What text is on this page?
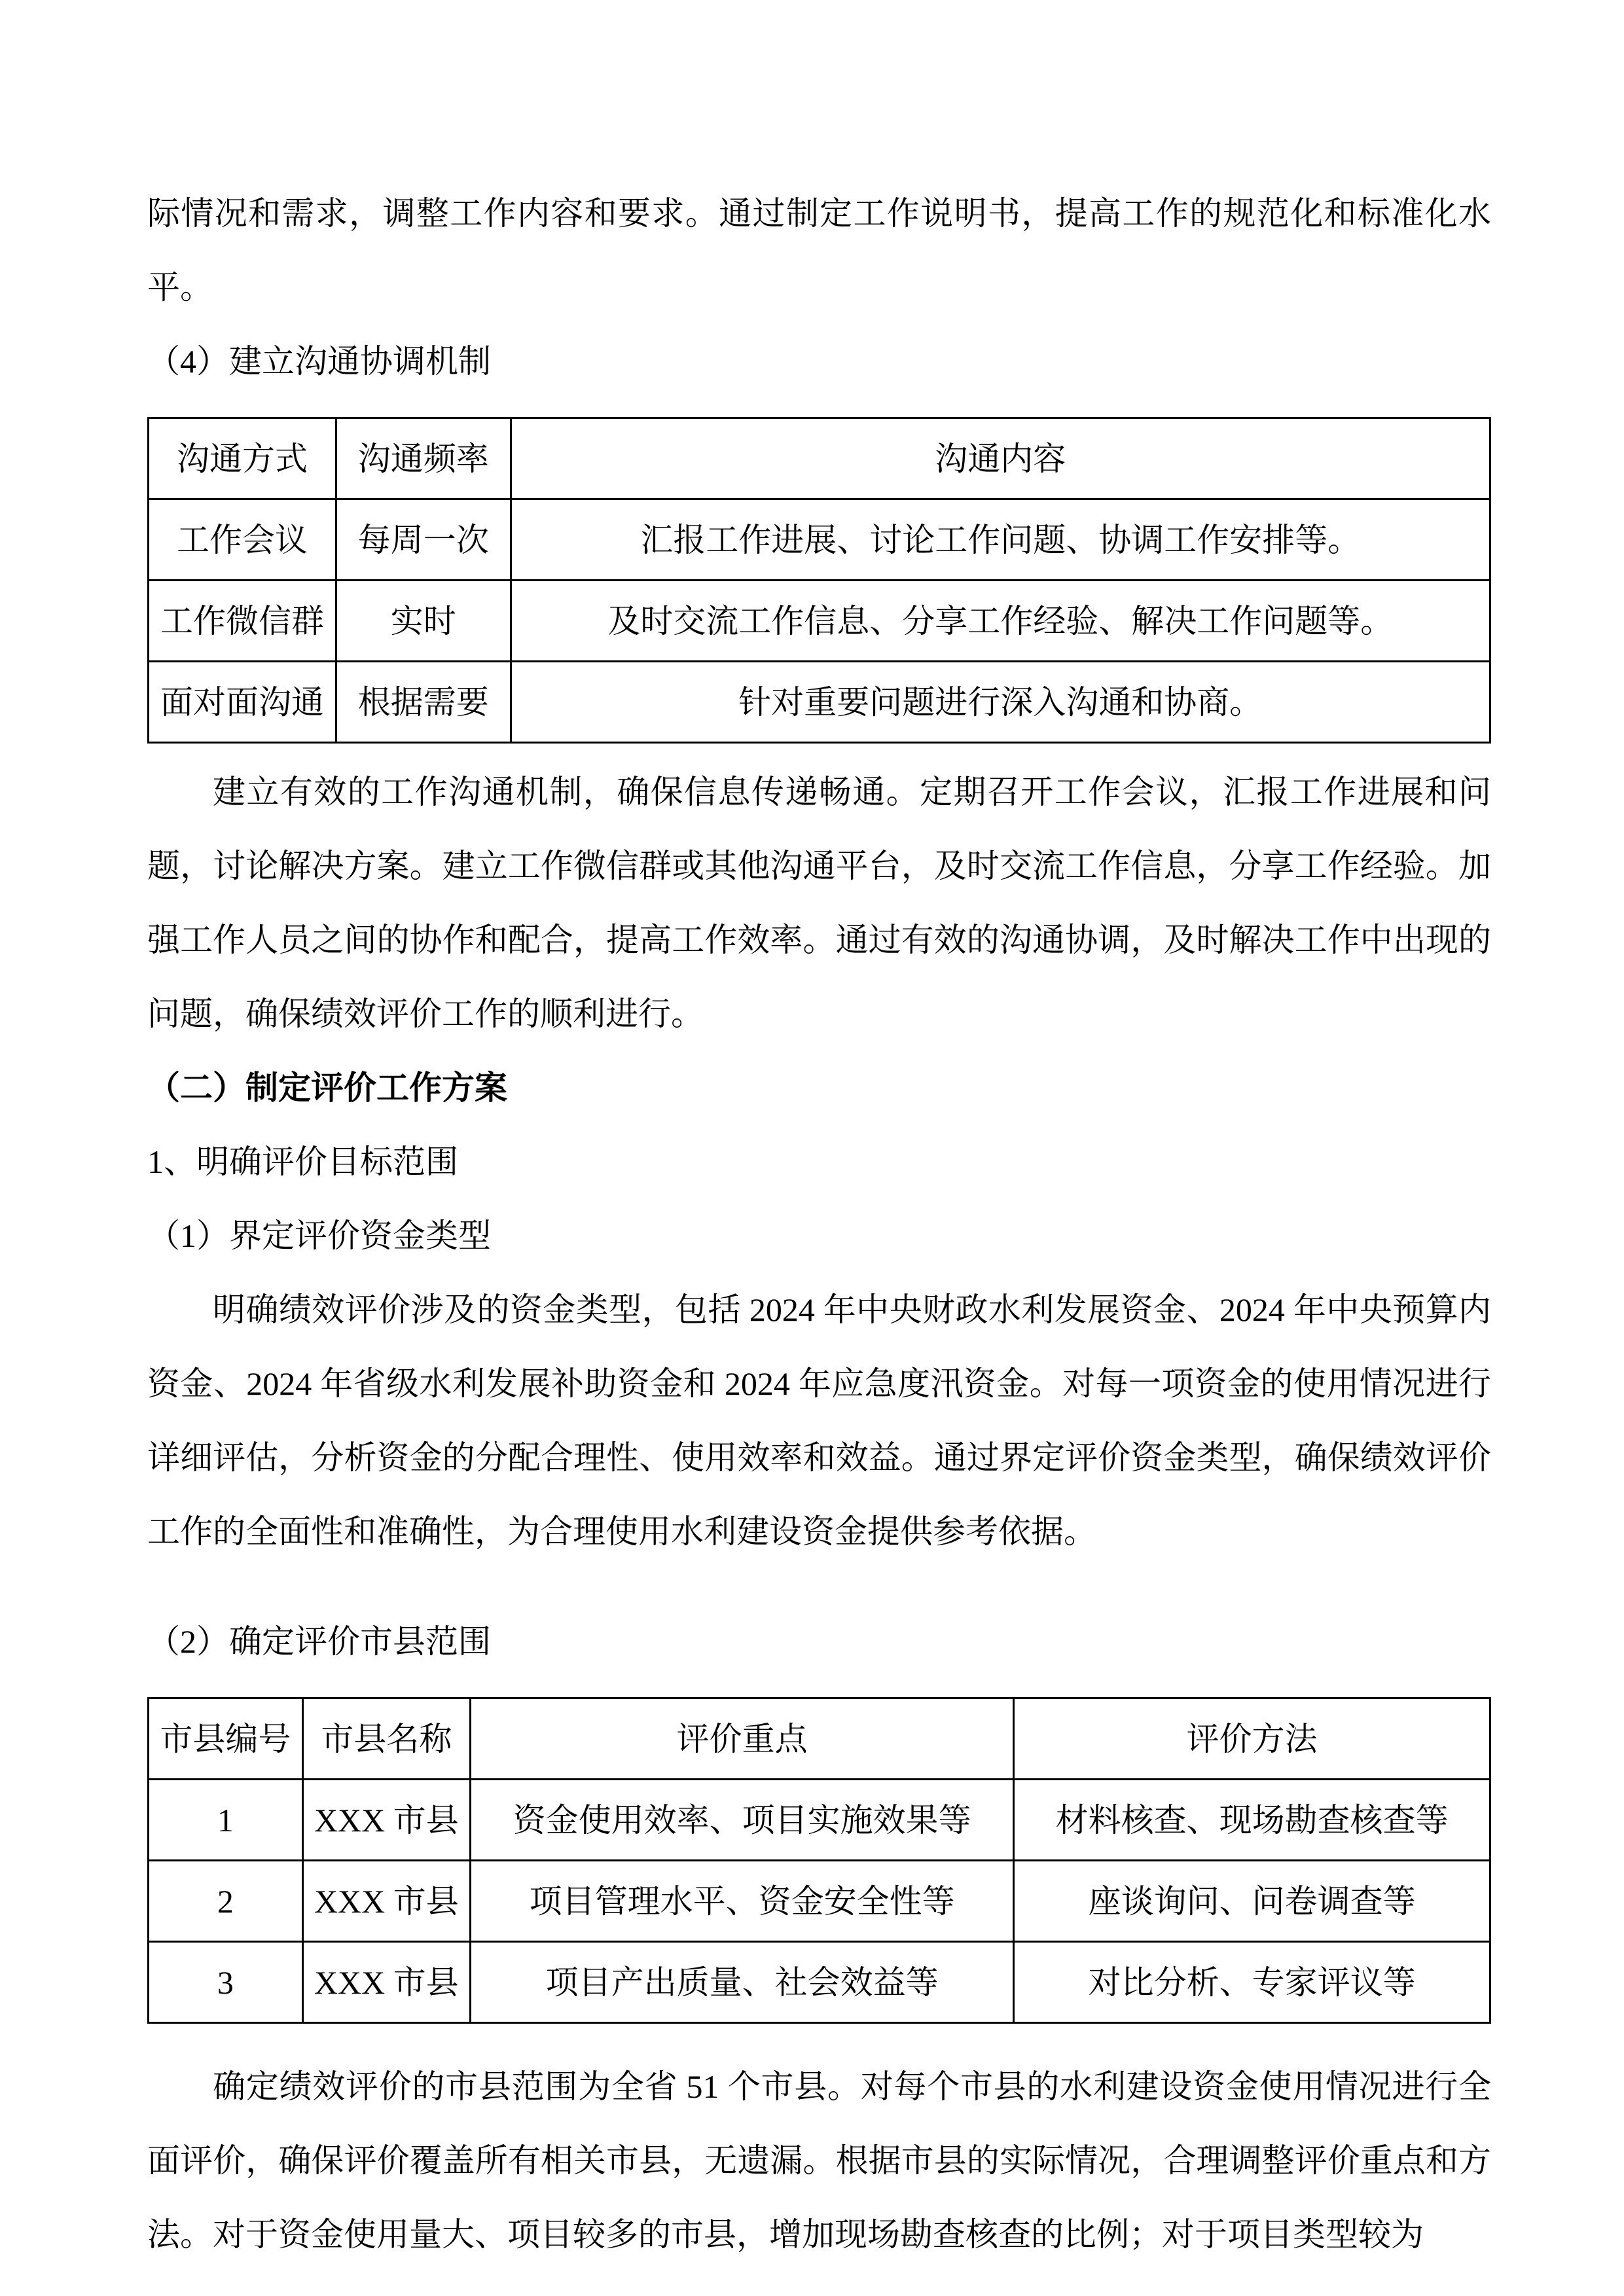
际情况和需求，调整工作内容和要求。通过制定工作说明书，提高工作的规范化和标准化水平。

（4）建立沟通协调机制

沟通方式	沟通频率	沟通内容
工作会议	每周一次	汇报工作进展、讨论工作问题、协调工作安排等。
工作微信群	实时	及时交流工作信息、分享工作经验、解决工作问题等。
面对面沟通	根据需要	针对重要问题进行深入沟通和协商。

建立有效的工作沟通机制，确保信息传递畅通。定期召开工作会议，汇报工作进展和问题，讨论解决方案。建立工作微信群或其他沟通平台，及时交流工作信息，分享工作经验。加强工作人员之间的协作和配合，提高工作效率。通过有效的沟通协调，及时解决工作中出现的问题，确保绩效评价工作的顺利进行。

（二）制定评价工作方案

1、明确评价目标范围

（1）界定评价资金类型

明确绩效评价涉及的资金类型，包括 2024 年中央财政水利发展资金、2024 年中央预算内资金、2024 年省级水利发展补助资金和 2024 年应急度汛资金。对每一项资金的使用情况进行详细评估，分析资金的分配合理性、使用效率和效益。通过界定评价资金类型，确保绩效评价工作的全面性和准确性，为合理使用水利建设资金提供参考依据。

（2）确定评价市县范围

市县编号	市县名称	评价重点	评价方法
1	XXX 市县	资金使用效率、项目实施效果等	材料核查、现场勘查核查等
2	XXX 市县	项目管理水平、资金安全性等	座谈询问、问卷调查等
3	XXX 市县	项目产出质量、社会效益等	对比分析、专家评议等

确定绩效评价的市县范围为全省 51 个市县。对每个市县的水利建设资金使用情况进行全面评价，确保评价覆盖所有相关市县，无遗漏。根据市县的实际情况，合理调整评价重点和方法。对于资金使用量大、项目较多的市县，增加现场勘查核查的比例；对于项目类型较为
